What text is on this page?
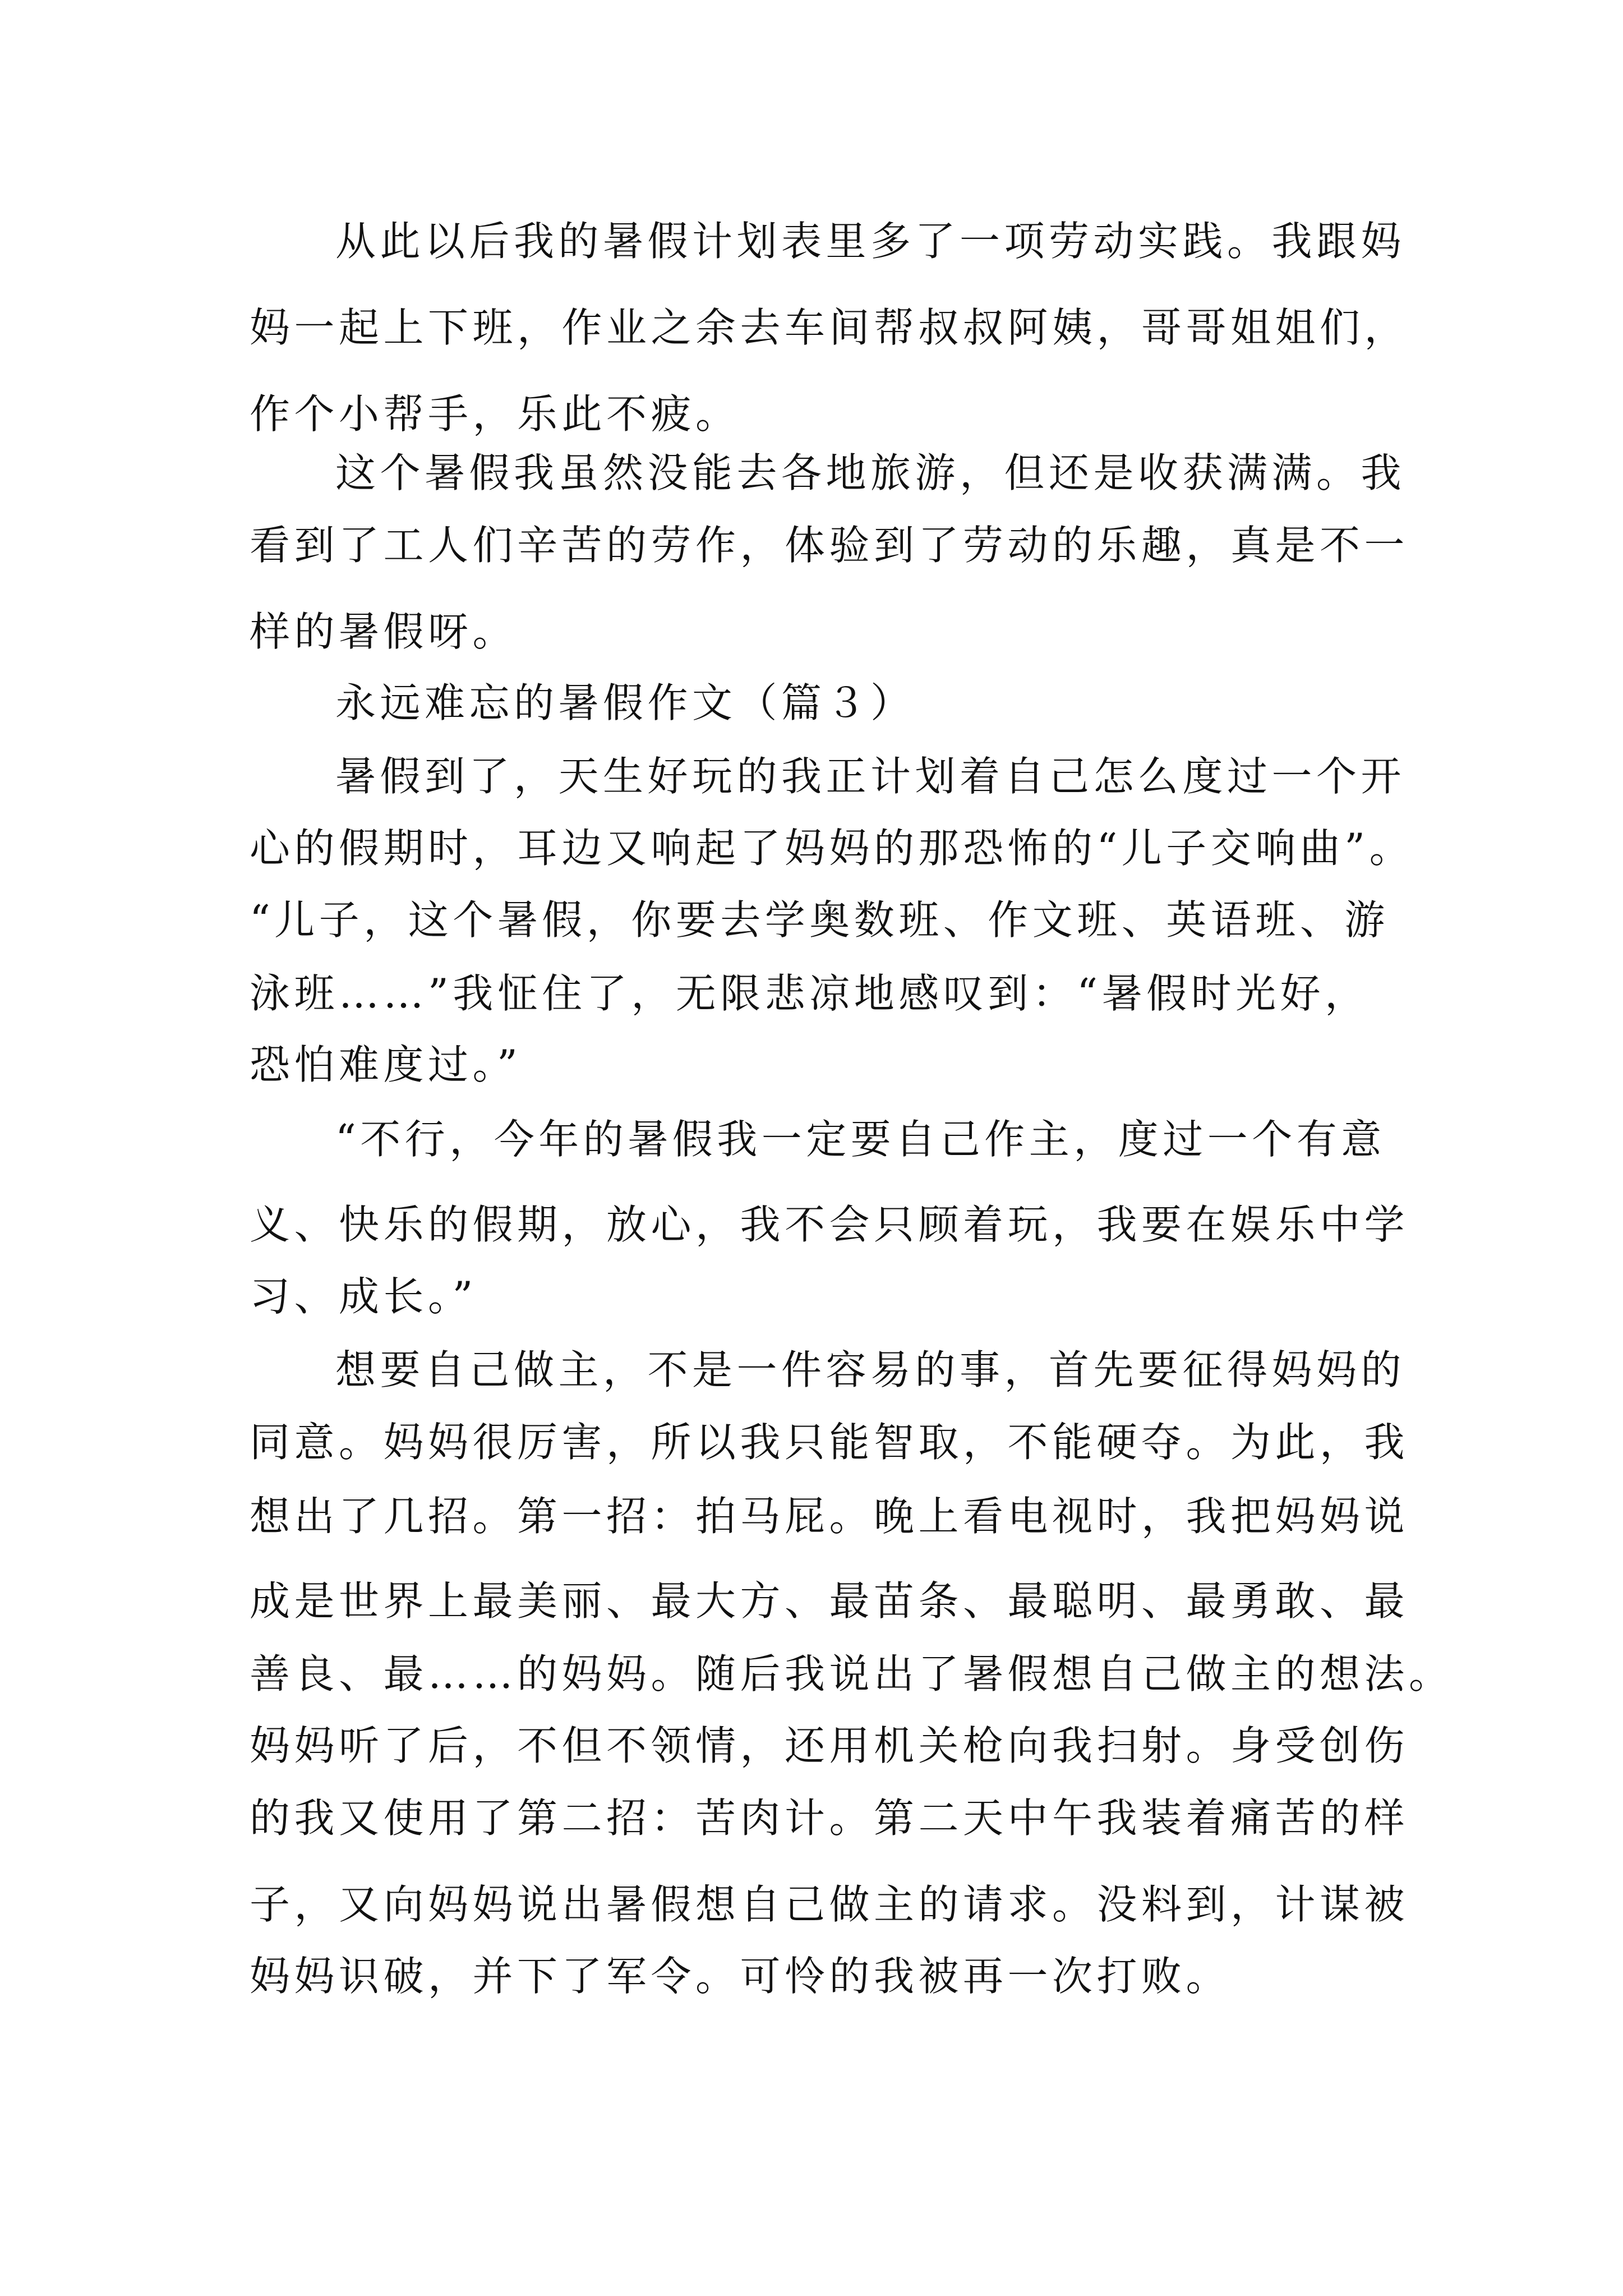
从此以后我的暑假计划表里多了一项劳动实践。我跟妈
妈一起上下班，作业之余去车间帮叔叔阿姨，哥哥姐姐们，
作个小帮手，乐此不疲。
这个暑假我虽然没能去各地旅游，但还是收获满满。我
看到了工人们辛苦的劳作，体验到了劳动的乐趣，真是不一
样的暑假呀。
永远难忘的暑假作文（篇３）
暑假到了，天生好玩的我正计划着自己怎么度过一个开
心的假期时，耳边又响起了妈妈的那恐怖的“儿子交响曲”。
“儿子，这个暑假，你要去学奥数班、作文班、英语班、游
泳班……”我怔住了，无限悲凉地感叹到：“暑假时光好，
恐怕难度过。”
“不行，今年的暑假我一定要自己作主，度过一个有意
义、快乐的假期，放心，我不会只顾着玩，我要在娱乐中学
习、成长。”
想要自己做主，不是一件容易的事，首先要征得妈妈的
同意。妈妈很厉害，所以我只能智取，不能硬夺。为此，我
想出了几招。第一招：拍马屁。晚上看电视时，我把妈妈说
成是世界上最美丽、最大方、最苗条、最聪明、最勇敢、最
善良、最……的妈妈。随后我说出了暑假想自己做主的想法。
妈妈听了后，不但不领情，还用机关枪向我扫射。身受创伤
的我又使用了第二招：苦肉计。第二天中午我装着痛苦的样
子，又向妈妈说出暑假想自己做主的请求。没料到，计谋被
妈妈识破，并下了军令。可怜的我被再一次打败。
